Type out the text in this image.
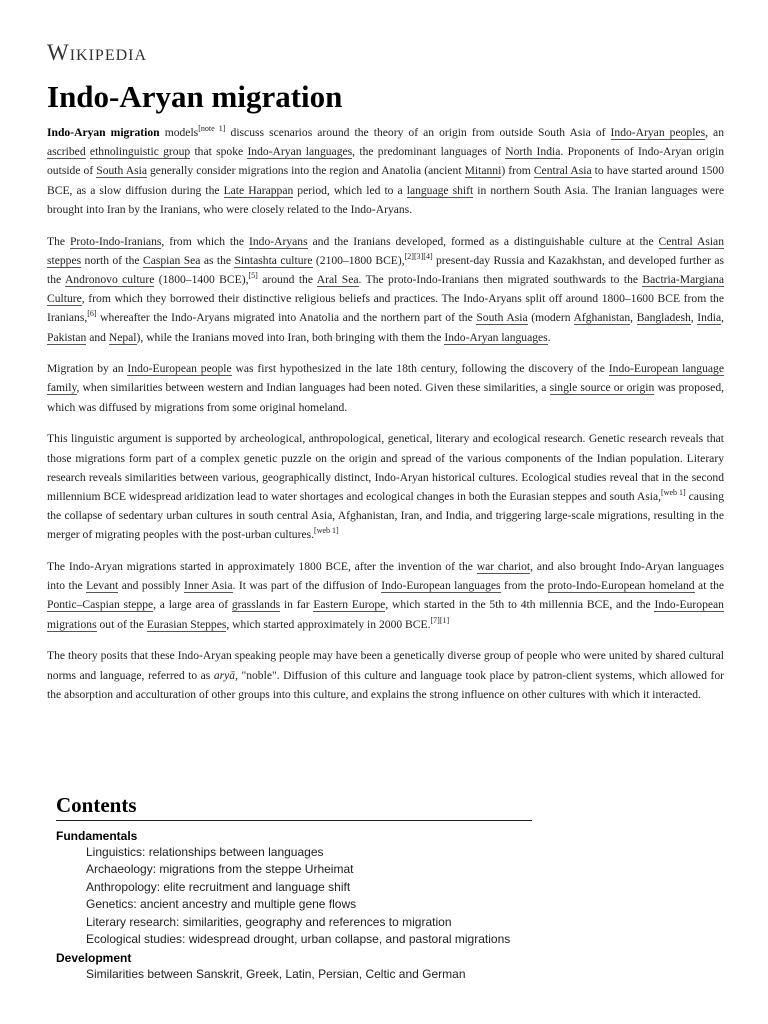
Wikipedia
Indo-Aryan migration

Indo-Aryan migration models[note 1] discuss scenarios around the theory of an origin from outside South Asia of Indo-Aryan peoples, an ascribed ethnolinguistic group that spoke Indo-Aryan languages, the predominant languages of North India. Proponents of Indo-Aryan origin outside of South Asia generally consider migrations into the region and Anatolia (ancient Mitanni) from Central Asia to have started around 1500 BCE, as a slow diffusion during the Late Harappan period, which led to a language shift in northern South Asia. The Iranian languages were brought into Iran by the Iranians, who were closely related to the Indo-Aryans.

The Proto-Indo-Iranians, from which the Indo-Aryans and the Iranians developed, formed as a distinguishable culture at the Central Asian steppes north of the Caspian Sea as the Sintashta culture (2100–1800 BCE),[2][3][4] present-day Russia and Kazakhstan, and developed further as the Andronovo culture (1800–1400 BCE),[5] around the Aral Sea. The proto-Indo-Iranians then migrated southwards to the Bactria-Margiana Culture, from which they borrowed their distinctive religious beliefs and practices. The Indo-Aryans split off around 1800–1600 BCE from the Iranians,[6] whereafter the Indo-Aryans migrated into Anatolia and the northern part of the South Asia (modern Afghanistan, Bangladesh, India, Pakistan and Nepal), while the Iranians moved into Iran, both bringing with them the Indo-Aryan languages.

Migration by an Indo-European people was first hypothesized in the late 18th century, following the discovery of the Indo-European language family, when similarities between western and Indian languages had been noted. Given these similarities, a single source or origin was proposed, which was diffused by migrations from some original homeland.

This linguistic argument is supported by archeological, anthropological, genetical, literary and ecological research. Genetic research reveals that those migrations form part of a complex genetic puzzle on the origin and spread of the various components of the Indian population. Literary research reveals similarities between various, geographically distinct, Indo-Aryan historical cultures. Ecological studies reveal that in the second millennium BCE widespread aridization lead to water shortages and ecological changes in both the Eurasian steppes and south Asia,[web 1] causing the collapse of sedentary urban cultures in south central Asia, Afghanistan, Iran, and India, and triggering large-scale migrations, resulting in the merger of migrating peoples with the post-urban cultures.[web 1]

The Indo-Aryan migrations started in approximately 1800 BCE, after the invention of the war chariot, and also brought Indo-Aryan languages into the Levant and possibly Inner Asia. It was part of the diffusion of Indo-European languages from the proto-Indo-European homeland at the Pontic–Caspian steppe, a large area of grasslands in far Eastern Europe, which started in the 5th to 4th millennia BCE, and the Indo-European migrations out of the Eurasian Steppes, which started approximately in 2000 BCE.[7][1]

The theory posits that these Indo-Aryan speaking people may have been a genetically diverse group of people who were united by shared cultural norms and language, referred to as aryā, "noble". Diffusion of this culture and language took place by patron-client systems, which allowed for the absorption and acculturation of other groups into this culture, and explains the strong influence on other cultures with which it interacted.

Contents
Fundamentals
Linguistics: relationships between languages
Archaeology: migrations from the steppe Urheimat
Anthropology: elite recruitment and language shift
Genetics: ancient ancestry and multiple gene flows
Literary research: similarities, geography and references to migration
Ecological studies: widespread drought, urban collapse, and pastoral migrations
Development
Similarities between Sanskrit, Greek, Latin, Persian, Celtic and German
